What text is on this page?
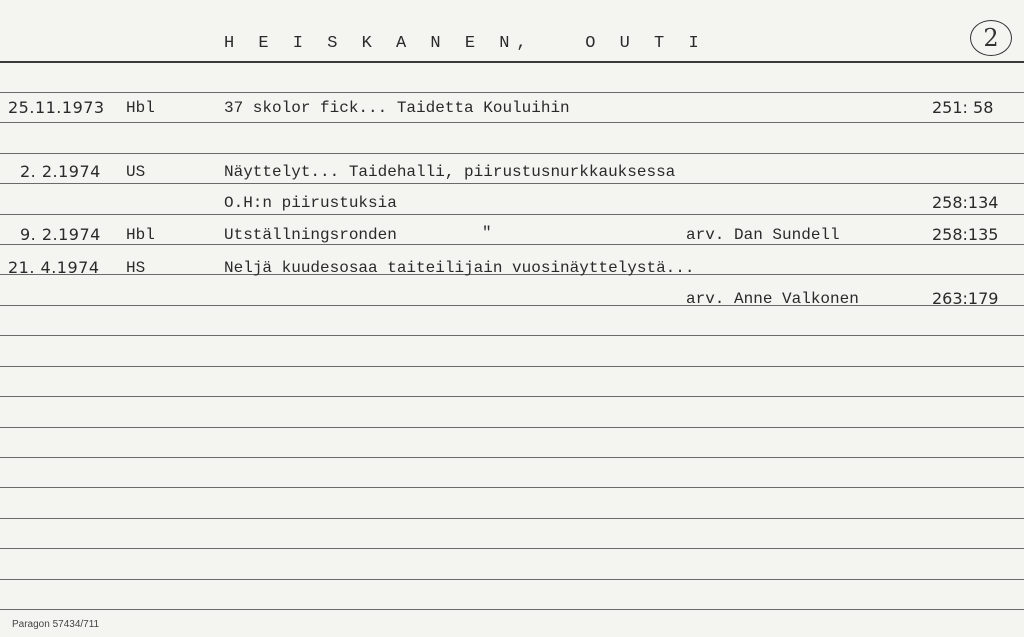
H E I S K A N E N,   O U T I	2
25.11.1973 Hbl	37 skolor fick... Taidetta Kouluihin	251: 58
2. 2.1974 US	Näyttelyt... Taidehalli, piirustusnurkkauksessa
O.H:n piirustuksia	258:134
9. 2.1974 Hbl	Utställningsronden	"	arv. Dan Sundell	258:135
21. 4.1974 HS	Neljä kuudesosaa taiteilijain vuosinäyttelystä...
arv. Anne Valkonen	263:179
Paragon 57434/711
